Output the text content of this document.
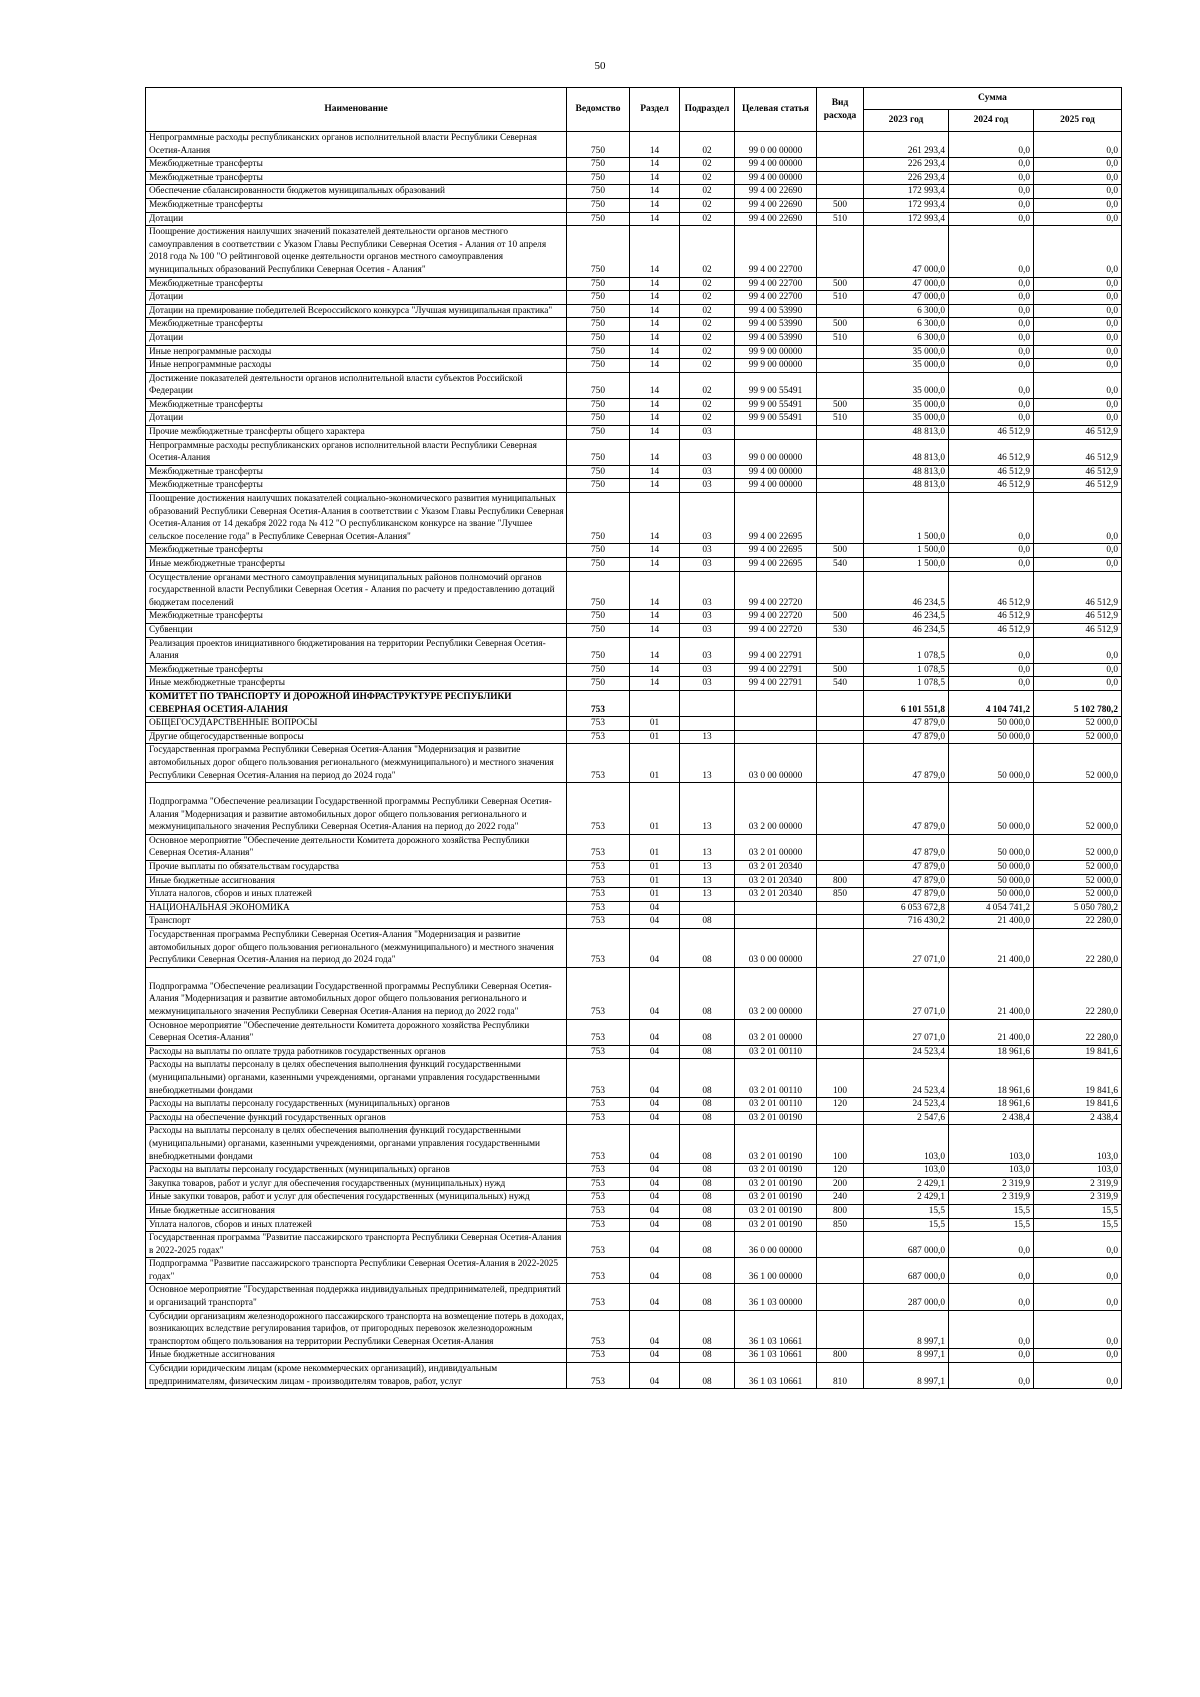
50
Наименование	Ведомство	Раздел	Подраздел	Целевая статья	Вид расхода	Сумма		
						2023 год	2024 год	2025 год
Непрограммные расходы республиканских органов исполнительной власти Республики Северная Осетия-Алания	750	14	02	99 0 00 00000		261 293,4	0,0	0,0
Межбюджетные трансферты	750	14	02	99 4 00 00000		226 293,4	0,0	0,0
Межбюджетные трансферты	750	14	02	99 4 00 00000		226 293,4	0,0	0,0
Обеспечение сбалансированности бюджетов муниципальных образований	750	14	02	99 4 00 22690		172 993,4	0,0	0,0
Межбюджетные трансферты	750	14	02	99 4 00 22690	500	172 993,4	0,0	0,0
Дотации	750	14	02	99 4 00 22690	510	172 993,4	0,0	0,0
Поощрение достижения наилучших значений показателей деятельности органов местного самоуправления в соответствии с Указом Главы Республики Северная Осетия - Алания от 10 апреля 2018 года № 100 "О рейтинговой оценке деятельности органов местного самоуправления муниципальных образований Республики Северная Осетия - Алания"	750	14	02	99 4 00 22700		47 000,0	0,0	0,0
Межбюджетные трансферты	750	14	02	99 4 00 22700	500	47 000,0	0,0	0,0
Дотации	750	14	02	99 4 00 22700	510	47 000,0	0,0	0,0
Дотации на премирование победителей Всероссийского конкурса "Лучшая муниципальная практика"	750	14	02	99 4 00 53990		6 300,0	0,0	0,0
Межбюджетные трансферты	750	14	02	99 4 00 53990	500	6 300,0	0,0	0,0
Дотации	750	14	02	99 4 00 53990	510	6 300,0	0,0	0,0
Иные непрограммные расходы	750	14	02	99 9 00 00000		35 000,0	0,0	0,0
Иные непрограммные расходы	750	14	02	99 9 00 00000		35 000,0	0,0	0,0
Достижение показателей деятельности органов исполнительной власти субъектов Российской Федерации	750	14	02	99 9 00 55491		35 000,0	0,0	0,0
Межбюджетные трансферты	750	14	02	99 9 00 55491	500	35 000,0	0,0	0,0
Дотации	750	14	02	99 9 00 55491	510	35 000,0	0,0	0,0
Прочие межбюджетные трансферты общего характера	750	14	03			48 813,0	46 512,9	46 512,9
Непрограммные расходы республиканских органов исполнительной власти Республики Северная Осетия-Алания	750	14	03	99 0 00 00000		48 813,0	46 512,9	46 512,9
Межбюджетные трансферты	750	14	03	99 4 00 00000		48 813,0	46 512,9	46 512,9
Межбюджетные трансферты	750	14	03	99 4 00 00000		48 813,0	46 512,9	46 512,9
Поощрение достижения наилучших показателей социально-экономического развития муниципальных образований Республики Северная Осетия-Алания в соответствии с Указом Главы Республики Северная Осетия-Алания от 14 декабря 2022 года № 412 "О республиканском конкурсе на звание "Лучшее сельское поселение года" в Республике Северная Осетия-Алания"	750	14	03	99 4 00 22695		1 500,0	0,0	0,0
Межбюджетные трансферты	750	14	03	99 4 00 22695	500	1 500,0	0,0	0,0
Иные межбюджетные трансферты	750	14	03	99 4 00 22695	540	1 500,0	0,0	0,0
Осуществление органами местного самоуправления муниципальных районов полномочий органов государственной власти Республики Северная Осетия - Алания по расчету и предоставлению дотаций бюджетам поселений	750	14	03	99 4 00 22720		46 234,5	46 512,9	46 512,9
Межбюджетные трансферты	750	14	03	99 4 00 22720	500	46 234,5	46 512,9	46 512,9
Субвенции	750	14	03	99 4 00 22720	530	46 234,5	46 512,9	46 512,9
Реализация проектов инициативного бюджетирования на территории Республики Северная Осетия-Алания	750	14	03	99 4 00 22791		1 078,5	0,0	0,0
Межбюджетные трансферты	750	14	03	99 4 00 22791	500	1 078,5	0,0	0,0
Иные межбюджетные трансферты	750	14	03	99 4 00 22791	540	1 078,5	0,0	0,0
КОМИТЕТ ПО ТРАНСПОРТУ И ДОРОЖНОЙ ИНФРАСТРУКТУРЕ РЕСПУБЛИКИ СЕВЕРНАЯ ОСЕТИЯ-АЛАНИЯ	753					6 101 551,8	4 104 741,2	5 102 780,2
ОБЩЕГОСУДАРСТВЕННЫЕ ВОПРОСЫ	753	01				47 879,0	50 000,0	52 000,0
Другие общегосударственные вопросы	753	01	13			47 879,0	50 000,0	52 000,0
Государственная программа Республики Северная Осетия-Алания "Модернизация и развитие автомобильных дорог общего пользования регионального (межмуниципального) и местного значения Республики Северная Осетия-Алания на период до 2024 года"	753	01	13	03 0 00 00000		47 879,0	50 000,0	52 000,0
Подпрограмма "Обеспечение реализации Государственной программы Республики Северная Осетия-Алания "Модернизация и развитие автомобильных дорог общего пользования регионального и межмуниципального значения Республики Северная Осетия-Алания на период до 2022 года"	753	01	13	03 2 00 00000		47 879,0	50 000,0	52 000,0
Основное мероприятие "Обеспечение деятельности Комитета дорожного хозяйства Республики Северная Осетия-Алания"	753	01	13	03 2 01 00000		47 879,0	50 000,0	52 000,0
Прочие выплаты по обязательствам государства	753	01	13	03 2 01 20340		47 879,0	50 000,0	52 000,0
Иные бюджетные ассигнования	753	01	13	03 2 01 20340	800	47 879,0	50 000,0	52 000,0
Уплата налогов, сборов и иных платежей	753	01	13	03 2 01 20340	850	47 879,0	50 000,0	52 000,0
НАЦИОНАЛЬНАЯ ЭКОНОМИКА	753	04				6 053 672,8	4 054 741,2	5 050 780,2
Транспорт	753	04	08			716 430,2	21 400,0	22 280,0
Государственная программа Республики Северная Осетия-Алания "Модернизация и развитие автомобильных дорог общего пользования регионального (межмуниципального) и местного значения Республики Северная Осетия-Алания на период до 2024 года"	753	04	08	03 0 00 00000		27 071,0	21 400,0	22 280,0
Подпрограмма "Обеспечение реализации Государственной программы Республики Северная Осетия-Алания "Модернизация и развитие автомобильных дорог общего пользования регионального и межмуниципального значения Республики Северная Осетия-Алания на период до 2022 года"	753	04	08	03 2 00 00000		27 071,0	21 400,0	22 280,0
Основное мероприятие "Обеспечение деятельности Комитета дорожного хозяйства Республики Северная Осетия-Алания"	753	04	08	03 2 01 00000		27 071,0	21 400,0	22 280,0
Расходы на выплаты по оплате труда работников государственных органов	753	04	08	03 2 01 00110		24 523,4	18 961,6	19 841,6
Расходы на выплаты персоналу в целях обеспечения выполнения функций государственными (муниципальными) органами, казенными учреждениями, органами управления государственными внебюджетными фондами	753	04	08	03 2 01 00110	100	24 523,4	18 961,6	19 841,6
Расходы на выплаты персоналу государственных (муниципальных) органов	753	04	08	03 2 01 00110	120	24 523,4	18 961,6	19 841,6
Расходы на обеспечение функций государственных органов	753	04	08	03 2 01 00190		2 547,6	2 438,4	2 438,4
Расходы на выплаты персоналу в целях обеспечения выполнения функций государственными (муниципальными) органами, казенными учреждениями, органами управления государственными внебюджетными фондами	753	04	08	03 2 01 00190	100	103,0	103,0	103,0
Расходы на выплаты персоналу государственных (муниципальных) органов	753	04	08	03 2 01 00190	120	103,0	103,0	103,0
Закупка товаров, работ и услуг для обеспечения государственных (муниципальных) нужд	753	04	08	03 2 01 00190	200	2 429,1	2 319,9	2 319,9
Иные закупки товаров, работ и услуг для обеспечения государственных (муниципальных) нужд	753	04	08	03 2 01 00190	240	2 429,1	2 319,9	2 319,9
Иные бюджетные ассигнования	753	04	08	03 2 01 00190	800	15,5	15,5	15,5
Уплата налогов, сборов и иных платежей	753	04	08	03 2 01 00190	850	15,5	15,5	15,5
Государственная программа "Развитие пассажирского транспорта Республики Северная Осетия-Алания в 2022-2025 годах"	753	04	08	36 0 00 00000		687 000,0	0,0	0,0
Подпрограмма "Развитие пассажирского транспорта Республики Северная Осетия-Алания в 2022-2025 годах"	753	04	08	36 1 00 00000		687 000,0	0,0	0,0
Основное мероприятие "Государственная поддержка индивидуальных предпринимателей, предприятий и организаций транспорта"	753	04	08	36 1 03 00000		287 000,0	0,0	0,0
Субсидии организациям железнодорожного пассажирского транспорта на возмещение потерь в доходах, возникающих вследствие регулирования тарифов, от пригородных перевозок железнодорожным транспортом общего пользования на территории Республики Северная Осетия-Алания	753	04	08	36 1 03 10661		8 997,1	0,0	0,0
Иные бюджетные ассигнования	753	04	08	36 1 03 10661	800	8 997,1	0,0	0,0
Субсидии юридическим лицам (кроме некоммерческих организаций), индивидуальным предпринимателям, физическим лицам - производителям товаров, работ, услуг	753	04	08	36 1 03 10661	810	8 997,1	0,0	0,0
